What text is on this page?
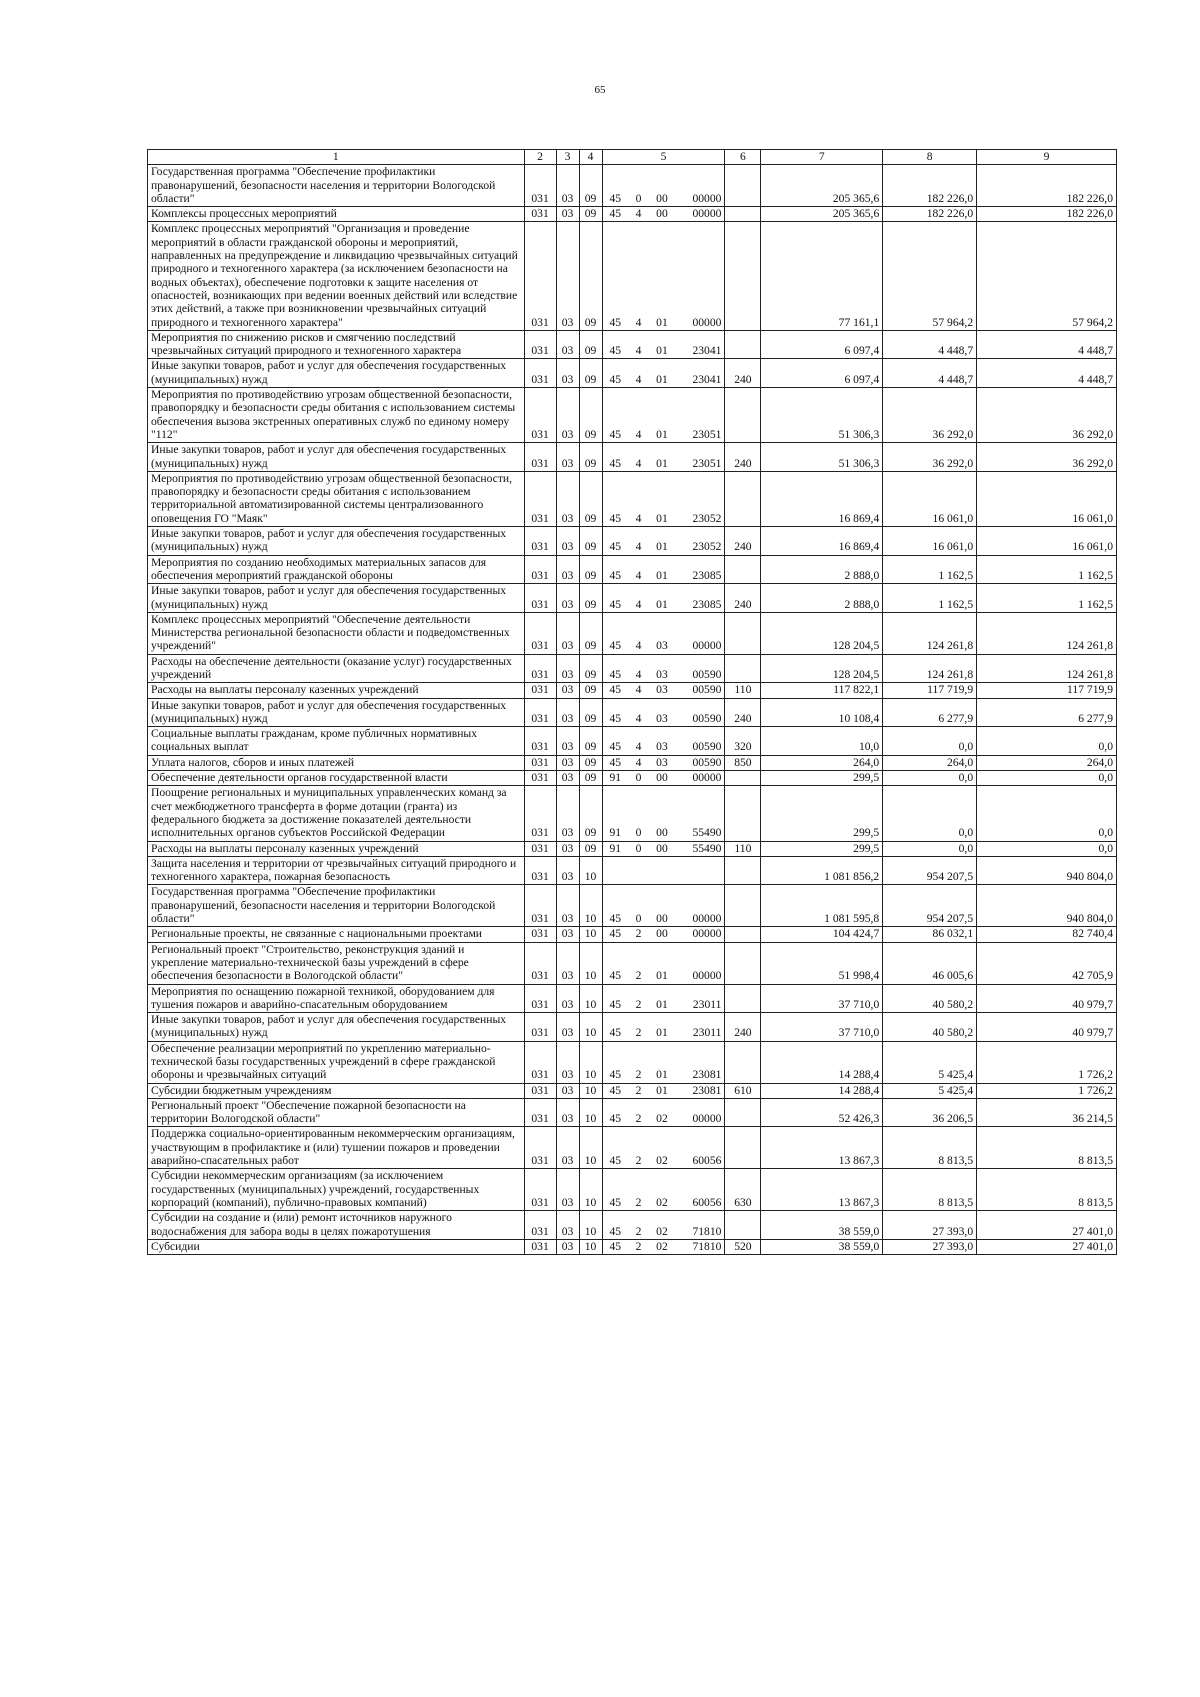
65
1	2	3	4	5				6	7	8	9
Государственная программа "Обеспечение профилактики правонарушений, безопасности населения и территории Вологодской области"	031	03	09	45	0	00	00000		205 365,6	182 226,0	182 226,0
Комплексы процессных мероприятий	031	03	09	45	4	00	00000		205 365,6	182 226,0	182 226,0
Комплекс процессных мероприятий "Организация и проведение мероприятий в области гражданской обороны и мероприятий, направленных на предупреждение и ликвидацию чрезвычайных ситуаций природного и техногенного характера (за исключением безопасности на водных объектах), обеспечение подготовки к защите населения от опасностей, возникающих при ведении военных действий или вследствие этих действий, а также при возникновении чрезвычайных ситуаций природного и техногенного характера"	031	03	09	45	4	01	00000		77 161,1	57 964,2	57 964,2
Мероприятия по снижению рисков и смягчению последствий чрезвычайных ситуаций природного и техногенного характера	031	03	09	45	4	01	23041		6 097,4	4 448,7	4 448,7
Иные закупки товаров, работ и услуг для обеспечения государственных (муниципальных) нужд	031	03	09	45	4	01	23041	240	6 097,4	4 448,7	4 448,7
Мероприятия по противодействию угрозам общественной безопасности, правопорядку и безопасности среды обитания с использованием системы обеспечения вызова экстренных оперативных служб по единому номеру "112"	031	03	09	45	4	01	23051		51 306,3	36 292,0	36 292,0
Иные закупки товаров, работ и услуг для обеспечения государственных (муниципальных) нужд	031	03	09	45	4	01	23051	240	51 306,3	36 292,0	36 292,0
Мероприятия по противодействию угрозам общественной безопасности, правопорядку и безопасности среды обитания с использованием территориальной автоматизированной системы централизованного оповещения ГО "Маяк"	031	03	09	45	4	01	23052		16 869,4	16 061,0	16 061,0
Иные закупки товаров, работ и услуг для обеспечения государственных (муниципальных) нужд	031	03	09	45	4	01	23052	240	16 869,4	16 061,0	16 061,0
Мероприятия по созданию необходимых материальных запасов для обеспечения мероприятий гражданской обороны	031	03	09	45	4	01	23085		2 888,0	1 162,5	1 162,5
Иные закупки товаров, работ и услуг для обеспечения государственных (муниципальных) нужд	031	03	09	45	4	01	23085	240	2 888,0	1 162,5	1 162,5
Комплекс процессных мероприятий "Обеспечение деятельности Министерства региональной безопасности области и подведомственных учреждений"	031	03	09	45	4	03	00000		128 204,5	124 261,8	124 261,8
Расходы на обеспечение деятельности (оказание услуг) государственных учреждений	031	03	09	45	4	03	00590		128 204,5	124 261,8	124 261,8
Расходы на выплаты персоналу казенных учреждений	031	03	09	45	4	03	00590	110	117 822,1	117 719,9	117 719,9
Иные закупки товаров, работ и услуг для обеспечения государственных (муниципальных) нужд	031	03	09	45	4	03	00590	240	10 108,4	6 277,9	6 277,9
Социальные выплаты гражданам, кроме публичных нормативных социальных выплат	031	03	09	45	4	03	00590	320	10,0	0,0	0,0
Уплата налогов, сборов и иных платежей	031	03	09	45	4	03	00590	850	264,0	264,0	264,0
Обеспечение деятельности органов государственной власти	031	03	09	91	0	00	00000		299,5	0,0	0,0
Поощрение региональных и муниципальных управленческих команд за счет межбюджетного трансферта в форме дотации (гранта) из федерального бюджета за достижение показателей деятельности исполнительных органов субъектов Российской Федерации	031	03	09	91	0	00	55490		299,5	0,0	0,0
Расходы на выплаты персоналу казенных учреждений	031	03	09	91	0	00	55490	110	299,5	0,0	0,0
Защита населения и территории от чрезвычайных ситуаций природного и техногенного характера, пожарная безопасность	031	03	10						1 081 856,2	954 207,5	940 804,0
Государственная программа "Обеспечение профилактики правонарушений, безопасности населения и территории Вологодской области"	031	03	10	45	0	00	00000		1 081 595,8	954 207,5	940 804,0
Региональные проекты, не связанные с национальными проектами	031	03	10	45	2	00	00000		104 424,7	86 032,1	82 740,4
Региональный проект "Строительство, реконструкция зданий и укрепление материально-технической базы учреждений в сфере обеспечения безопасности в Вологодской области"	031	03	10	45	2	01	00000		51 998,4	46 005,6	42 705,9
Мероприятия по оснащению пожарной техникой, оборудованием для тушения пожаров и аварийно-спасательным оборудованием	031	03	10	45	2	01	23011		37 710,0	40 580,2	40 979,7
Иные закупки товаров, работ и услуг для обеспечения государственных (муниципальных) нужд	031	03	10	45	2	01	23011	240	37 710,0	40 580,2	40 979,7
Обеспечение реализации мероприятий по укреплению материально-технической базы государственных учреждений в сфере гражданской обороны и чрезвычайных ситуаций	031	03	10	45	2	01	23081		14 288,4	5 425,4	1 726,2
Субсидии бюджетным учреждениям	031	03	10	45	2	01	23081	610	14 288,4	5 425,4	1 726,2
Региональный проект "Обеспечение пожарной безопасности на территории Вологодской области"	031	03	10	45	2	02	00000		52 426,3	36 206,5	36 214,5
Поддержка социально-ориентированным некоммерческим организациям, участвующим в профилактике и (или) тушении пожаров и проведении аварийно-спасательных работ	031	03	10	45	2	02	60056		13 867,3	8 813,5	8 813,5
Субсидии некоммерческим организациям (за исключением государственных (муниципальных) учреждений, государственных корпораций (компаний), публично-правовых компаний)	031	03	10	45	2	02	60056	630	13 867,3	8 813,5	8 813,5
Субсидии на создание и (или) ремонт источников наружного водоснабжения для забора воды в целях пожаротушения	031	03	10	45	2	02	71810		38 559,0	27 393,0	27 401,0
Субсидии	031	03	10	45	2	02	71810	520	38 559,0	27 393,0	27 401,0
